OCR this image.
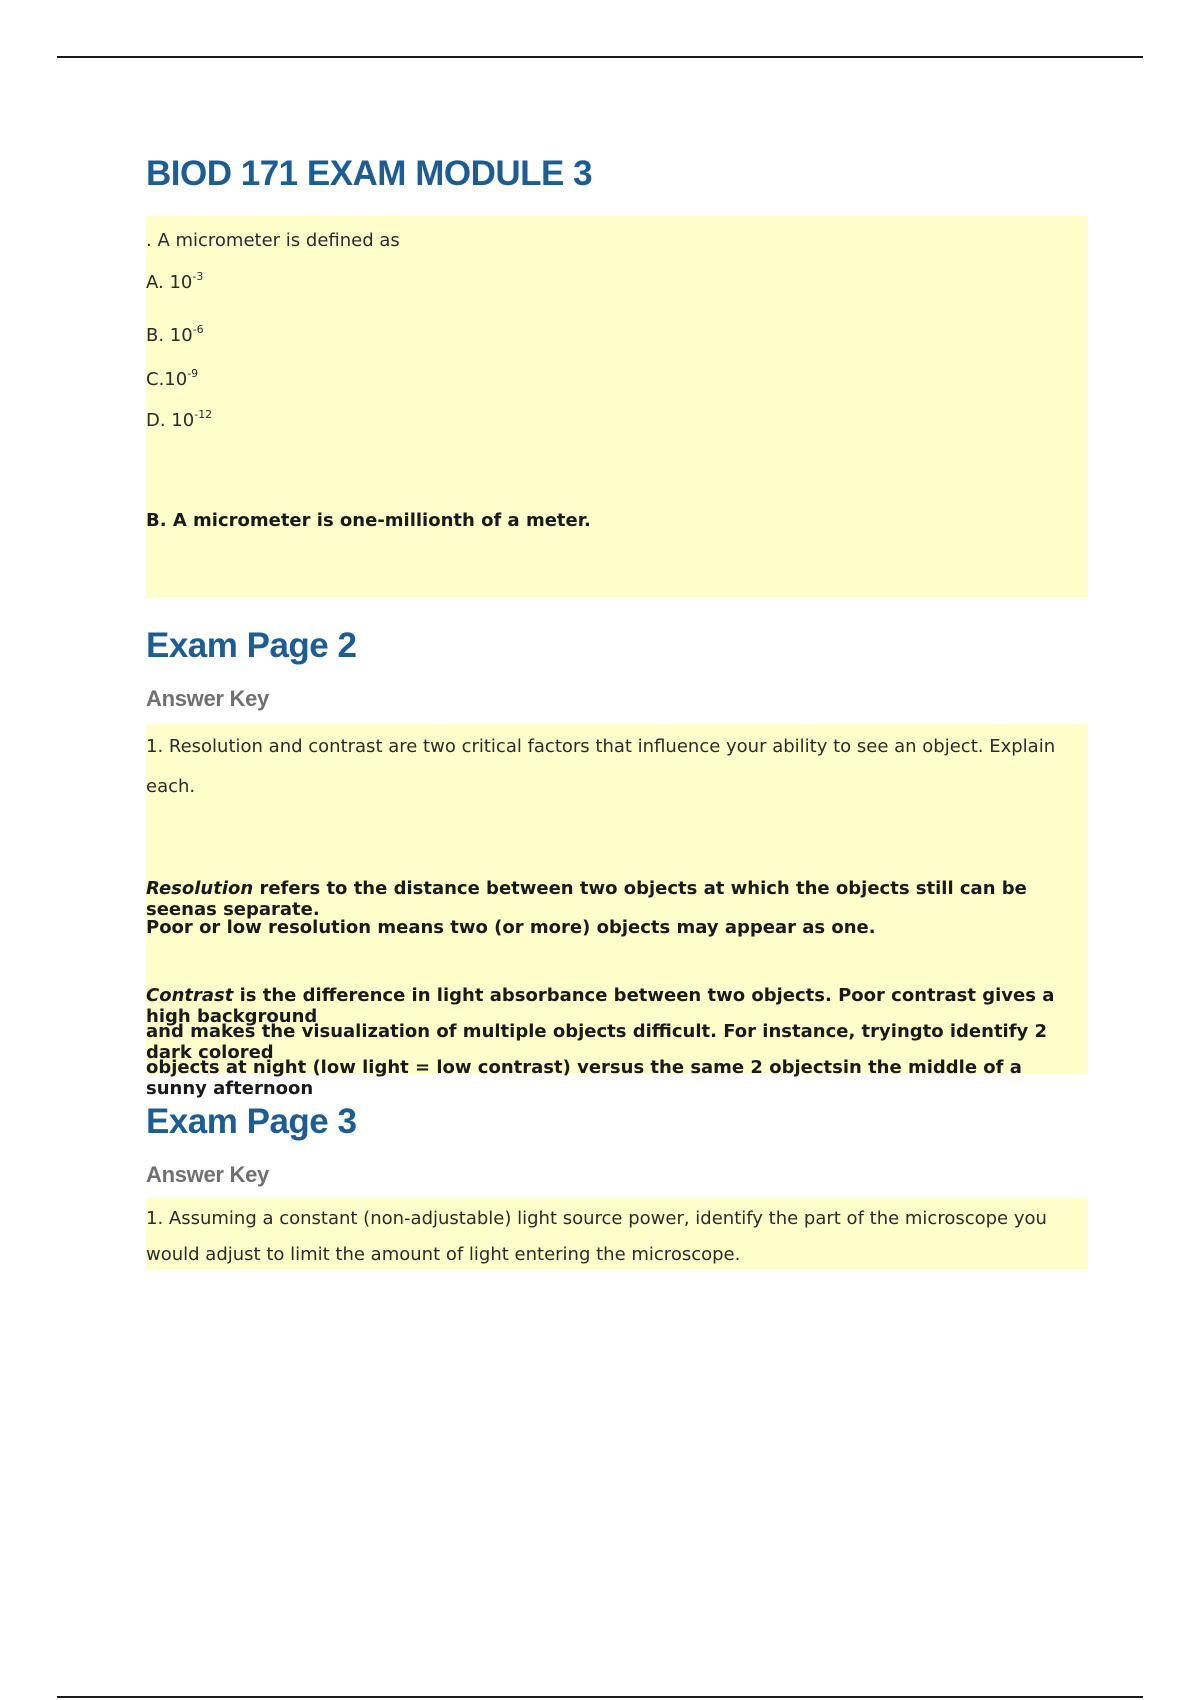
BIOD 171 EXAM MODULE 3

. A micrometer is defined as

A. $10^{-3}$

B. $10^{-6}$

$C.10^{-9}$

D. $10^{-12}$

B. A micrometer is one-millionth of a meter.

Exam Page 2
Answer Key

1. Resolution and contrast are two critical factors that influence your ability to see an object. Explain

each.

Resolution refers to the distance between two objects at which the objects still can be seenas separate.

Poor or low resolution means two (or more) objects may appear as one.

Contrast is the difference in light absorbance between two objects. Poor contrast gives a high background

and makes the visualization of multiple objects difficult. For instance, tryingto identify 2 dark colored

objects at night (low light = low contrast) versus the same 2 objectsin the middle of a sunny afternoon

Exam Page 3
Answer Key

1. Assuming a constant (non-adjustable) light source power, identify the part of the microscope you

would adjust to limit the amount of light entering the microscope.
